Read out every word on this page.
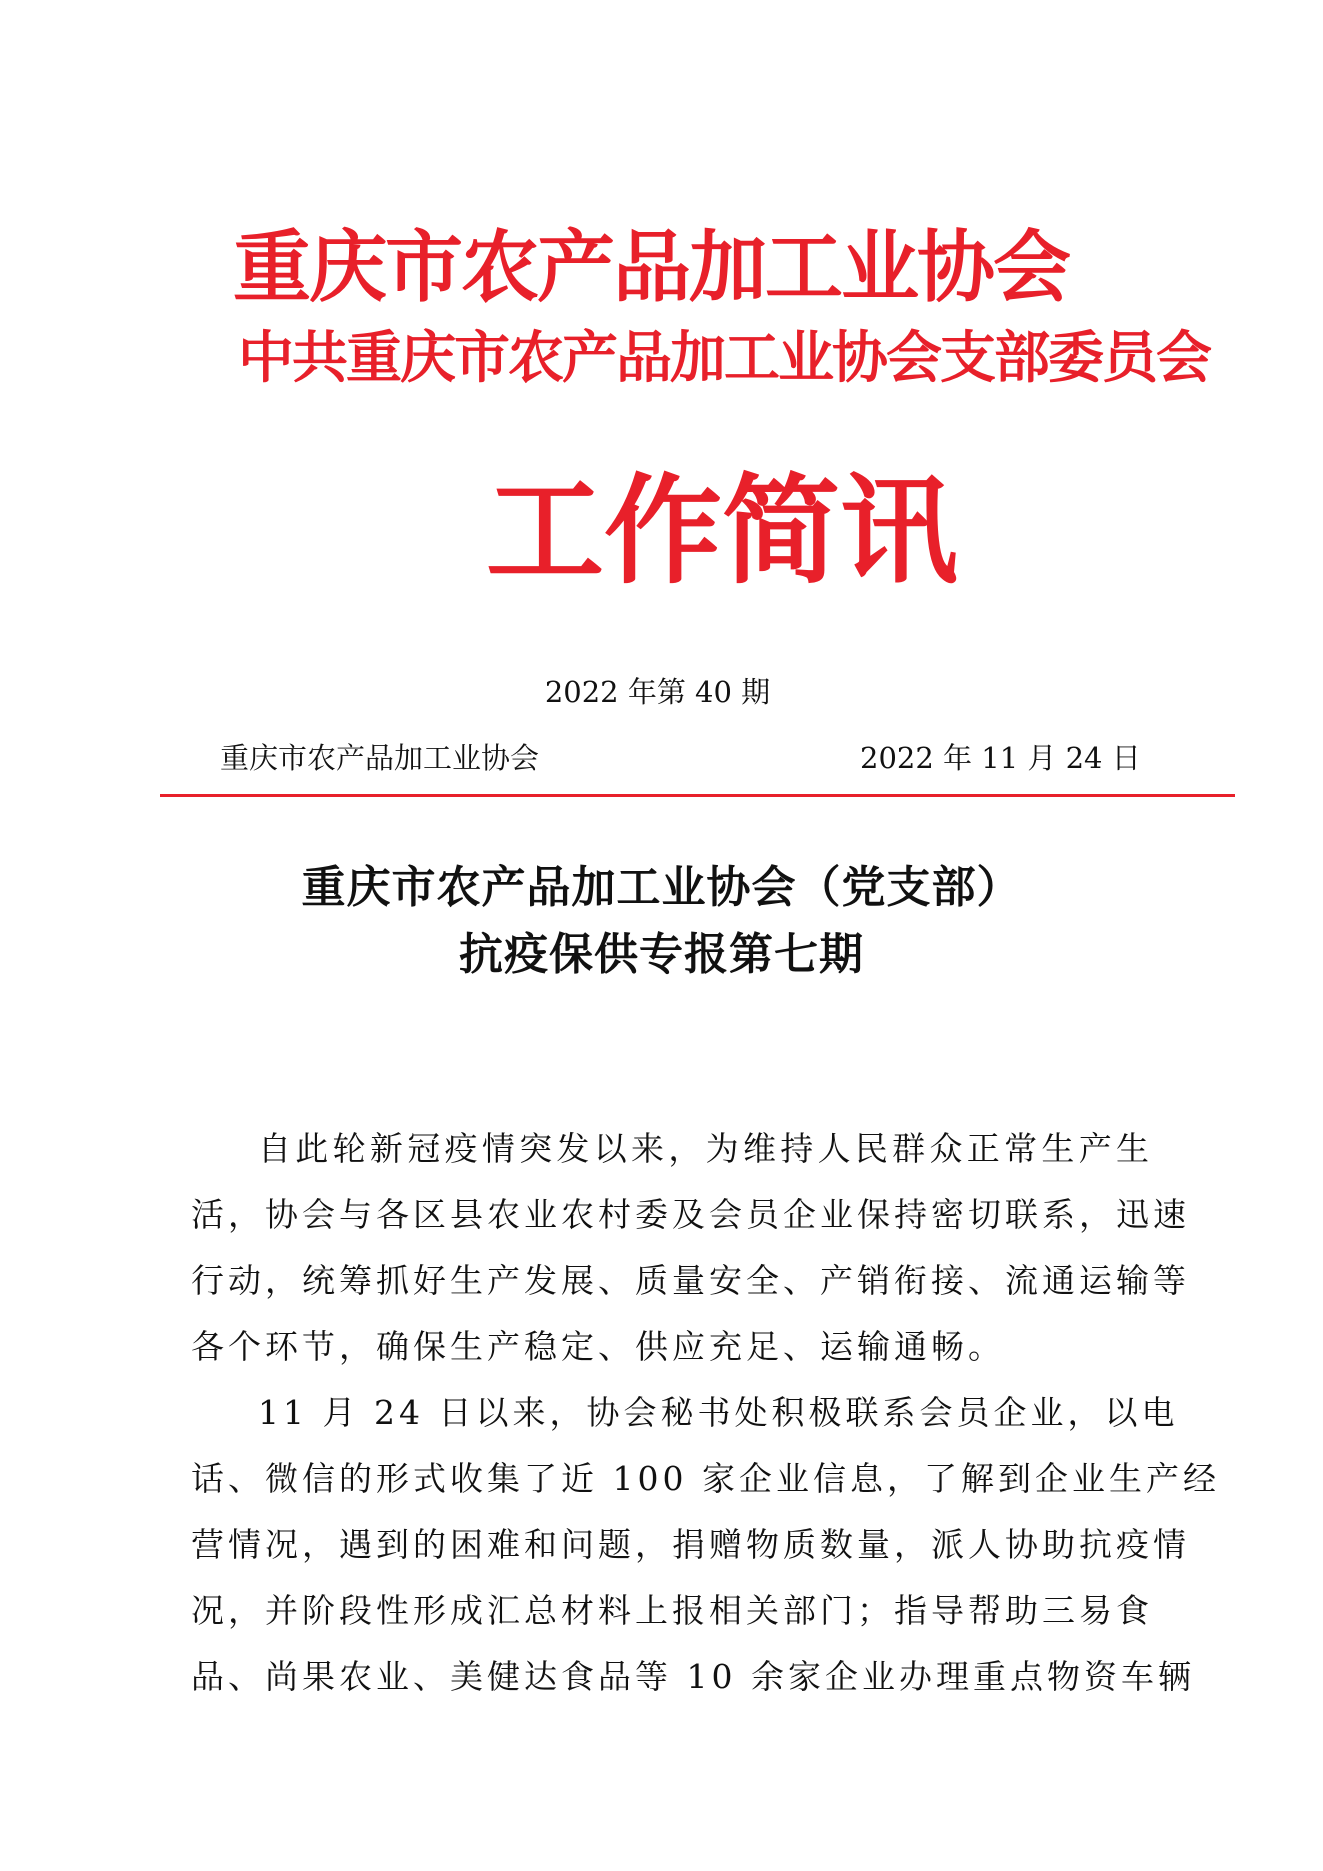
重庆市农产品加工业协会
中共重庆市农产品加工业协会支部委员会
工作简讯
2022 年第 40 期
重庆市农产品加工业协会	2022 年 11 月 24 日
重庆市农产品加工业协会（党支部）
抗疫保供专报第七期
自此轮新冠疫情突发以来，为维持人民群众正常生产生
活，协会与各区县农业农村委及会员企业保持密切联系，迅速
行动，统筹抓好生产发展、质量安全、产销衔接、流通运输等
各个环节，确保生产稳定、供应充足、运输通畅。
11 月 24 日以来，协会秘书处积极联系会员企业，以电
话、微信的形式收集了近 100 家企业信息，了解到企业生产经
营情况，遇到的困难和问题，捐赠物质数量，派人协助抗疫情
况，并阶段性形成汇总材料上报相关部门；指导帮助三易食
品、尚果农业、美健达食品等 10 余家企业办理重点物资车辆
